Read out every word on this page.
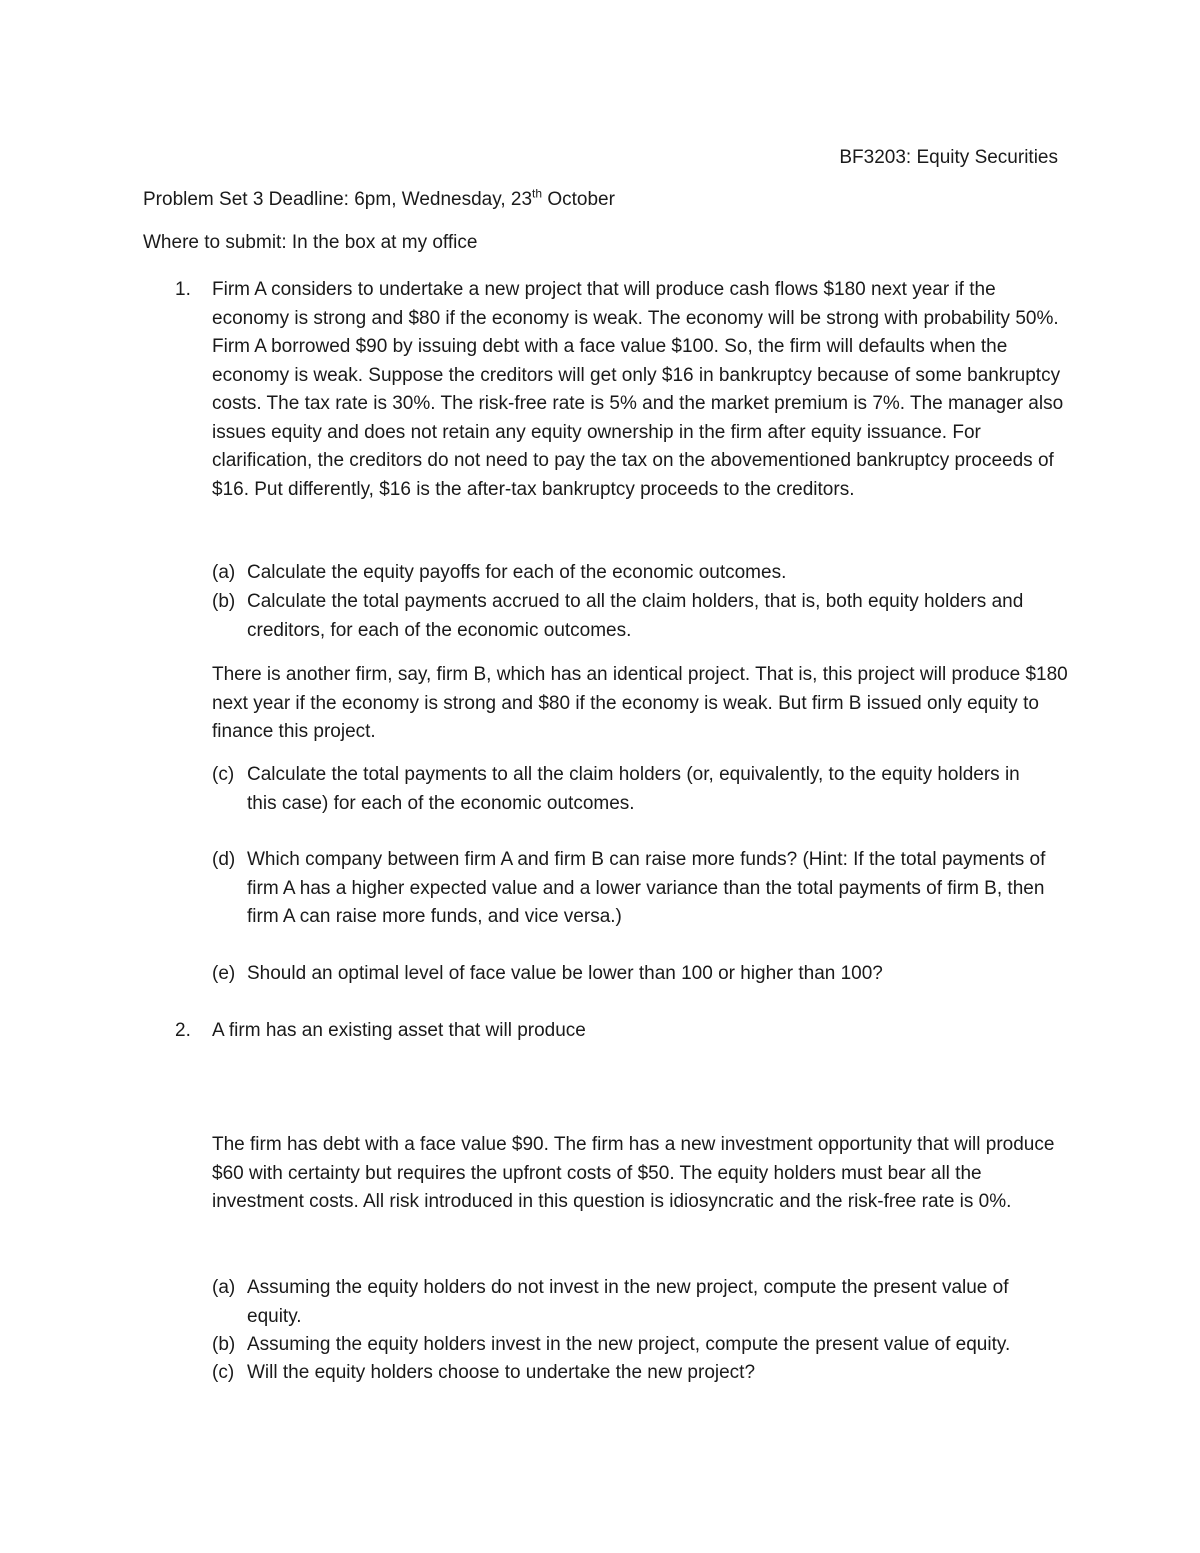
BF3203: Equity Securities

Problem Set 3 Deadline: 6pm, Wednesday, 23th October

Where to submit: In the box at my office

1. Firm A considers to undertake a new project that will produce cash flows $180 next year if the economy is strong and $80 if the economy is weak. The economy will be strong with probability 50%. Firm A borrowed $90 by issuing debt with a face value $100. So, the firm will defaults when the economy is weak. Suppose the creditors will get only $16 in bankruptcy because of some bankruptcy costs. The tax rate is 30%. The risk-free rate is 5% and the market premium is 7%. The manager also issues equity and does not retain any equity ownership in the firm after equity issuance. For clarification, the creditors do not need to pay the tax on the abovementioned bankruptcy proceeds of $16. Put differently, $16 is the after-tax bankruptcy proceeds to the creditors.

(a) Calculate the equity payoffs for each of the economic outcomes.
(b) Calculate the total payments accrued to all the claim holders, that is, both equity holders and creditors, for each of the economic outcomes.

There is another firm, say, firm B, which has an identical project. That is, this project will produce $180 next year if the economy is strong and $80 if the economy is weak. But firm B issued only equity to finance this project.

(c) Calculate the total payments to all the claim holders (or, equivalently, to the equity holders in this case) for each of the economic outcomes.
(d) Which company between firm A and firm B can raise more funds? (Hint: If the total payments of firm A has a higher expected value and a lower variance than the total payments of firm B, then firm A can raise more funds, and vice versa.)
(e) Should an optimal level of face value be lower than 100 or higher than 100?

2. A firm has an existing asset that will produce

The firm has debt with a face value $90. The firm has a new investment opportunity that will produce $60 with certainty but requires the upfront costs of $50. The equity holders must bear all the investment costs. All risk introduced in this question is idiosyncratic and the risk-free rate is 0%.

(a) Assuming the equity holders do not invest in the new project, compute the present value of equity.
(b) Assuming the equity holders invest in the new project, compute the present value of equity.
(c) Will the equity holders choose to undertake the new project?
